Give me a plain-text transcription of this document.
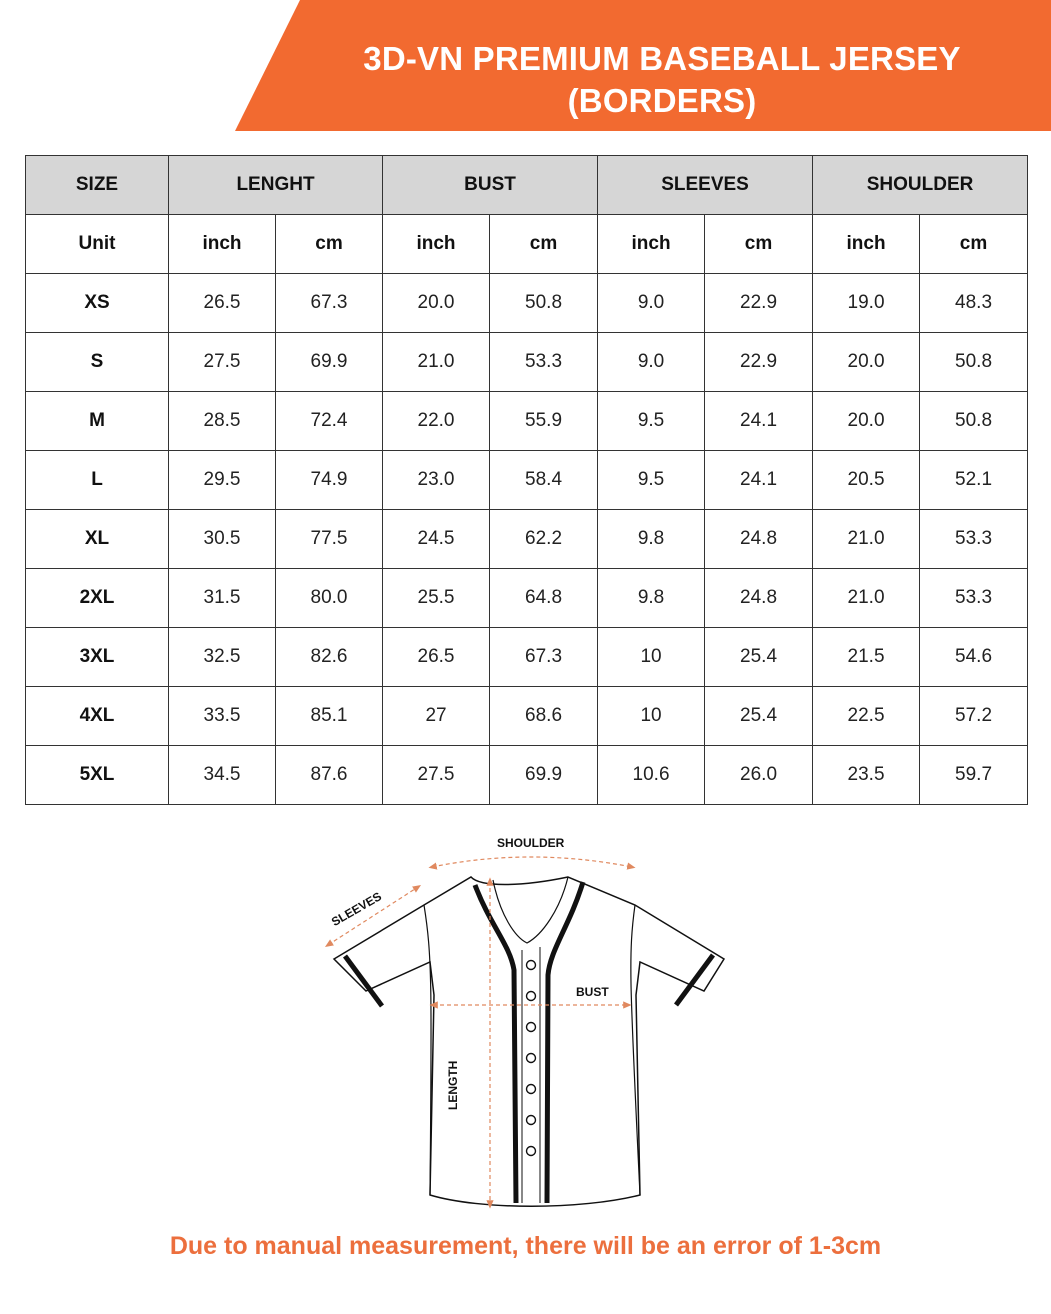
3D-VN PREMIUM BASEBALL JERSEY
(BORDERS)
SIZE	LENGHT		BUST		SLEEVES		SHOULDER	
Unit	inch	cm	inch	cm	inch	cm	inch	cm
XS	26.5	67.3	20.0	50.8	9.0	22.9	19.0	48.3
S	27.5	69.9	21.0	53.3	9.0	22.9	20.0	50.8
M	28.5	72.4	22.0	55.9	9.5	24.1	20.0	50.8
L	29.5	74.9	23.0	58.4	9.5	24.1	20.5	52.1
XL	30.5	77.5	24.5	62.2	9.8	24.8	21.0	53.3
2XL	31.5	80.0	25.5	64.8	9.8	24.8	21.0	53.3
3XL	32.5	82.6	26.5	67.3	10	25.4	21.5	54.6
4XL	33.5	85.1	27	68.6	10	25.4	22.5	57.2
5XL	34.5	87.6	27.5	69.9	10.6	26.0	23.5	59.7
SHOULDER
SLEEVES
BUST
LENGTH
Due to manual measurement, there will be an error of 1-3cm
